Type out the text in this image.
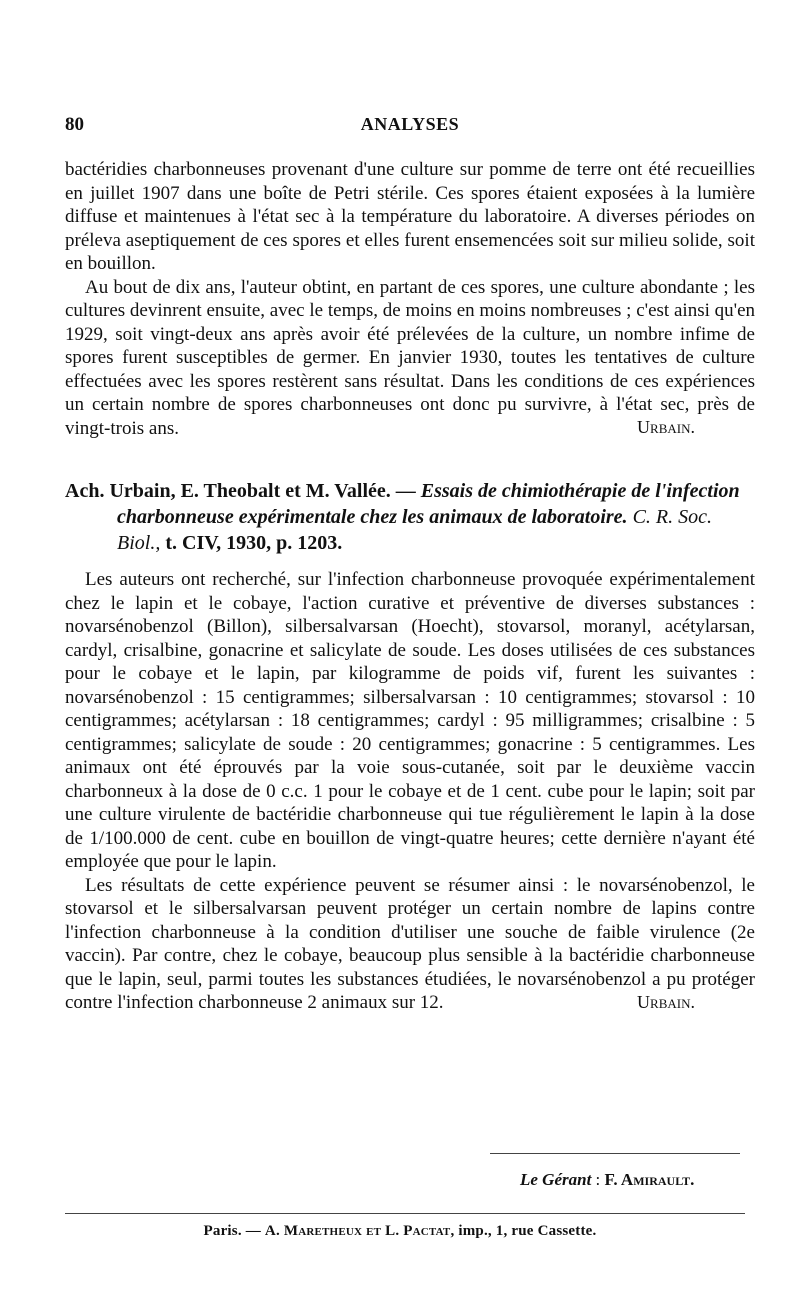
80	ANALYSES

bactéridies charbonneuses provenant d'une culture sur pomme de terre ont été recueillies en juillet 1907 dans une boîte de Petri stérile. Ces spores étaient exposées à la lumière diffuse et maintenues à l'état sec à la température du laboratoire. A diverses périodes on préleva aseptiquement de ces spores et elles furent ensemencées soit sur milieu solide, soit en bouillon.

Au bout de dix ans, l'auteur obtint, en partant de ces spores, une culture abondante ; les cultures devinrent ensuite, avec le temps, de moins en moins nombreuses ; c'est ainsi qu'en 1929, soit vingt-deux ans après avoir été prélevées de la culture, un nombre infime de spores furent susceptibles de germer. En janvier 1930, toutes les tentatives de culture effectuées avec les spores restèrent sans résultat. Dans les conditions de ces expériences un certain nombre de spores charbonneuses ont donc pu survivre, à l'état sec, près de vingt-trois ans.	Urbain.

Ach. Urbain, E. Theobalt et M. Vallée. — Essais de chimiothérapie de l'infection charbonneuse expérimentale chez les animaux de laboratoire. C. R. Soc. Biol., t. CIV, 1930, p. 1203.

Les auteurs ont recherché, sur l'infection charbonneuse provoquée expérimentalement chez le lapin et le cobaye, l'action curative et préventive de diverses substances : novarsénobenzol (Billon), silbersalvarsan (Hoecht), stovarsol, moranyl, acétylarsan, cardyl, crisalbine, gonacrine et salicylate de soude. Les doses utilisées de ces substances pour le cobaye et le lapin, par kilogramme de poids vif, furent les suivantes : novarsénobenzol : 15 centigrammes; silbersalvarsan : 10 centigrammes; stovarsol : 10 centigrammes; acétylarsan : 18 centigrammes; cardyl : 95 milligrammes; crisalbine : 5 centigrammes; salicylate de soude : 20 centigrammes; gonacrine : 5 centigrammes. Les animaux ont été éprouvés par la voie sous-cutanée, soit par le deuxième vaccin charbonneux à la dose de 0 c.c. 1 pour le cobaye et de 1 cent. cube pour le lapin; soit par une culture virulente de bactéridie charbonneuse qui tue régulièrement le lapin à la dose de 1/100.000 de cent. cube en bouillon de vingt-quatre heures; cette dernière n'ayant été employée que pour le lapin.

Les résultats de cette expérience peuvent se résumer ainsi : le novarsénobenzol, le stovarsol et le silbersalvarsan peuvent protéger un certain nombre de lapins contre l'infection charbonneuse à la condition d'utiliser une souche de faible virulence (2e vaccin). Par contre, chez le cobaye, beaucoup plus sensible à la bactéridie charbonneuse que le lapin, seul, parmi toutes les substances étudiées, le novarsénobenzol a pu protéger contre l'infection charbonneuse 2 animaux sur 12.	Urbain.
Le Gérant : F. Amirault.
Paris. — A. Maretheux et L. Pactat, imp., 1, rue Cassette.
